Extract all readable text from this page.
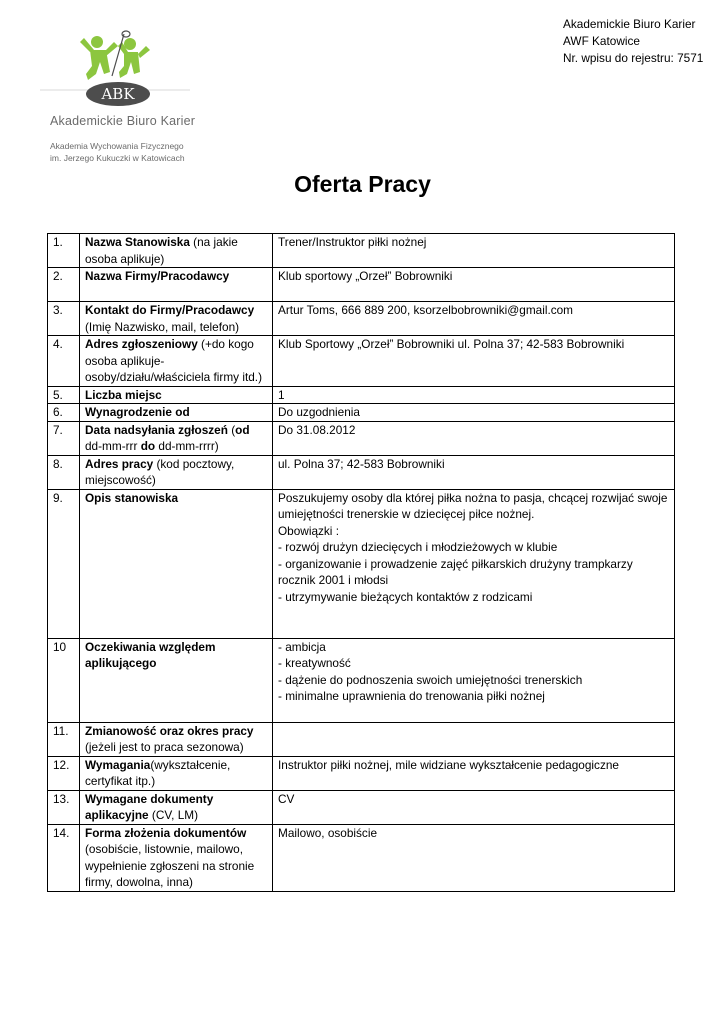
ABK
Akademickie Biuro Karier
Akademia Wychowania Fizycznego
im. Jerzego Kukuczki w Katowicach
Akademickie Biuro Karier
AWF Katowice
Nr. wpisu do rejestru: 7571
Oferta Pracy
1.	Nazwa Stanowiska (na jakie osoba aplikuje)	Trener/Instruktor piłki nożnej

2.	Nazwa Firmy/Pracodawcy	Klub sportowy „Orzeł” Bobrowniki

3.	Kontakt do Firmy/Pracodawcy (Imię Nazwisko, mail, telefon)	Artur Toms, 666 889 200, ksorzelbobrowniki@gmail.com

4.	Adres zgłoszeniowy (+do kogo osoba aplikuje-osoby/działu/właściciela firmy itd.)	Klub Sportowy „Orzeł” Bobrowniki ul. Polna 37; 42-583 Bobrowniki

5.	Liczba miejsc	1

6.	Wynagrodzenie od	Do uzgodnienia

7.	Data nadsyłania zgłoszeń (od
dd-mm-rrr do dd-mm-rrrr)	Do 31.08.2012

8.	Adres pracy (kod pocztowy, miejscowość)	ul. Polna 37; 42-583 Bobrowniki

9.	Opis stanowiska	Poszukujemy osoby dla której piłka nożna to pasja, chcącej rozwijać swoje umiejętności trenerskie w dziecięcej piłce nożnej.
Obowiązki :
- rozwój drużyn dziecięcych i młodzieżowych w klubie
- organizowanie i prowadzenie zajęć piłkarskich drużyny trampkarzy rocznik 2001 i młodsi
- utrzymywanie bieżących kontaktów z rodzicami

10	Oczekiwania względem aplikującego	- ambicja
- kreatywność
- dążenie do podnoszenia swoich umiejętności trenerskich
- minimalne uprawnienia do trenowania piłki nożnej

11.	Zmianowość oraz okres pracy (jeżeli jest to praca sezonowa)	
12.	Wymagania(wykształcenie, certyfikat itp.)	Instruktor piłki nożnej, mile widziane wykształcenie pedagogiczne

13.	Wymagane dokumenty aplikacyjne (CV, LM)	CV

14.	Forma złożenia dokumentów (osobiście, listownie, mailowo, wypełnienie zgłoszeni na stronie firmy, dowolna, inna)	Mailowo, osobiście
